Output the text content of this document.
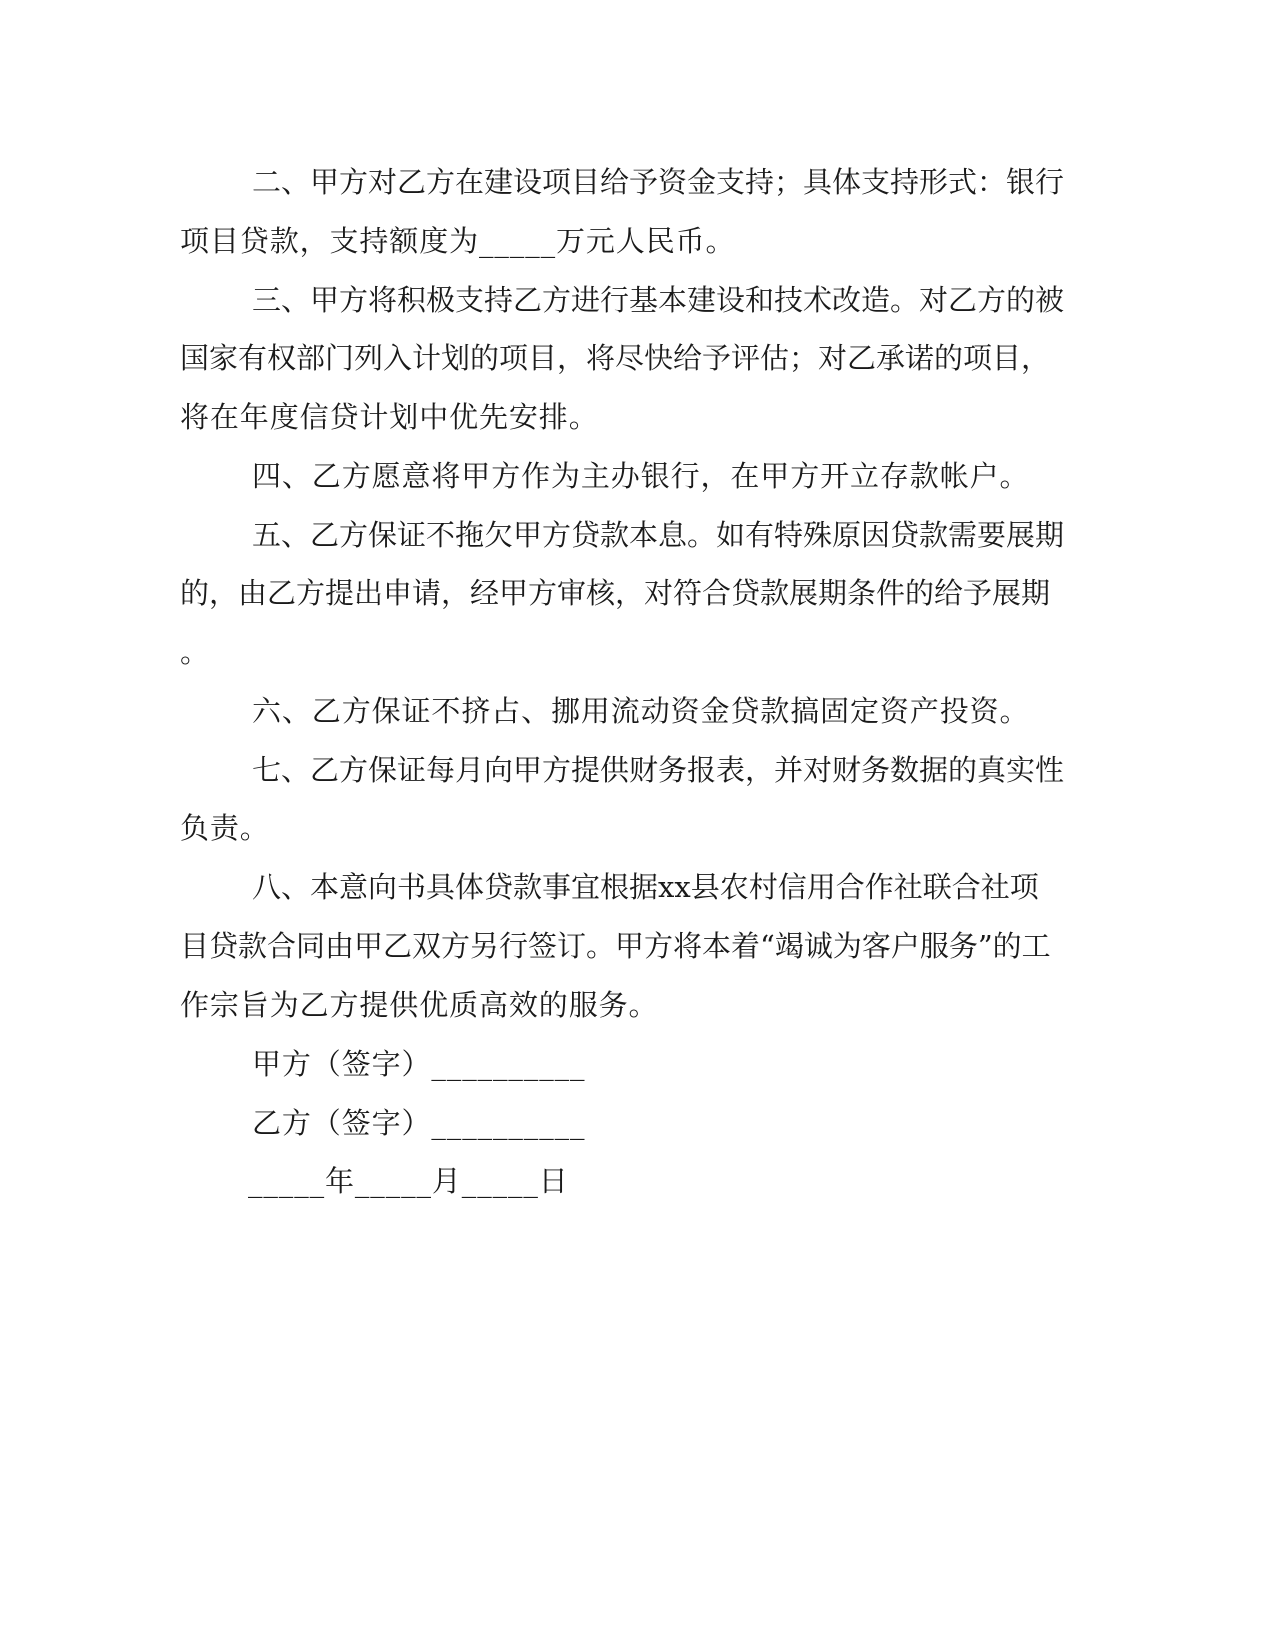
二、甲方对乙方在建设项目给予资金支持；具体支持形式：银行
项目贷款，支持额度为_____万元人民币。
三、甲方将积极支持乙方进行基本建设和技术改造。对乙方的被
国家有权部门列入计划的项目，将尽快给予评估；对乙承诺的项目，
将在年度信贷计划中优先安排。
四、乙方愿意将甲方作为主办银行，在甲方开立存款帐户。
五、乙方保证不拖欠甲方贷款本息。如有特殊原因贷款需要展期
的，由乙方提出申请，经甲方审核，对符合贷款展期条件的给予展期
。
六、乙方保证不挤占、挪用流动资金贷款搞固定资产投资。
七、乙方保证每月向甲方提供财务报表，并对财务数据的真实性
负责。
八、本意向书具体贷款事宜根据xx县农村信用合作社联合社项
目贷款合同由甲乙双方另行签订。甲方将本着“竭诚为客户服务”的工
作宗旨为乙方提供优质高效的服务。
甲方（签字）__________
乙方（签字）__________
_____年_____月_____日
